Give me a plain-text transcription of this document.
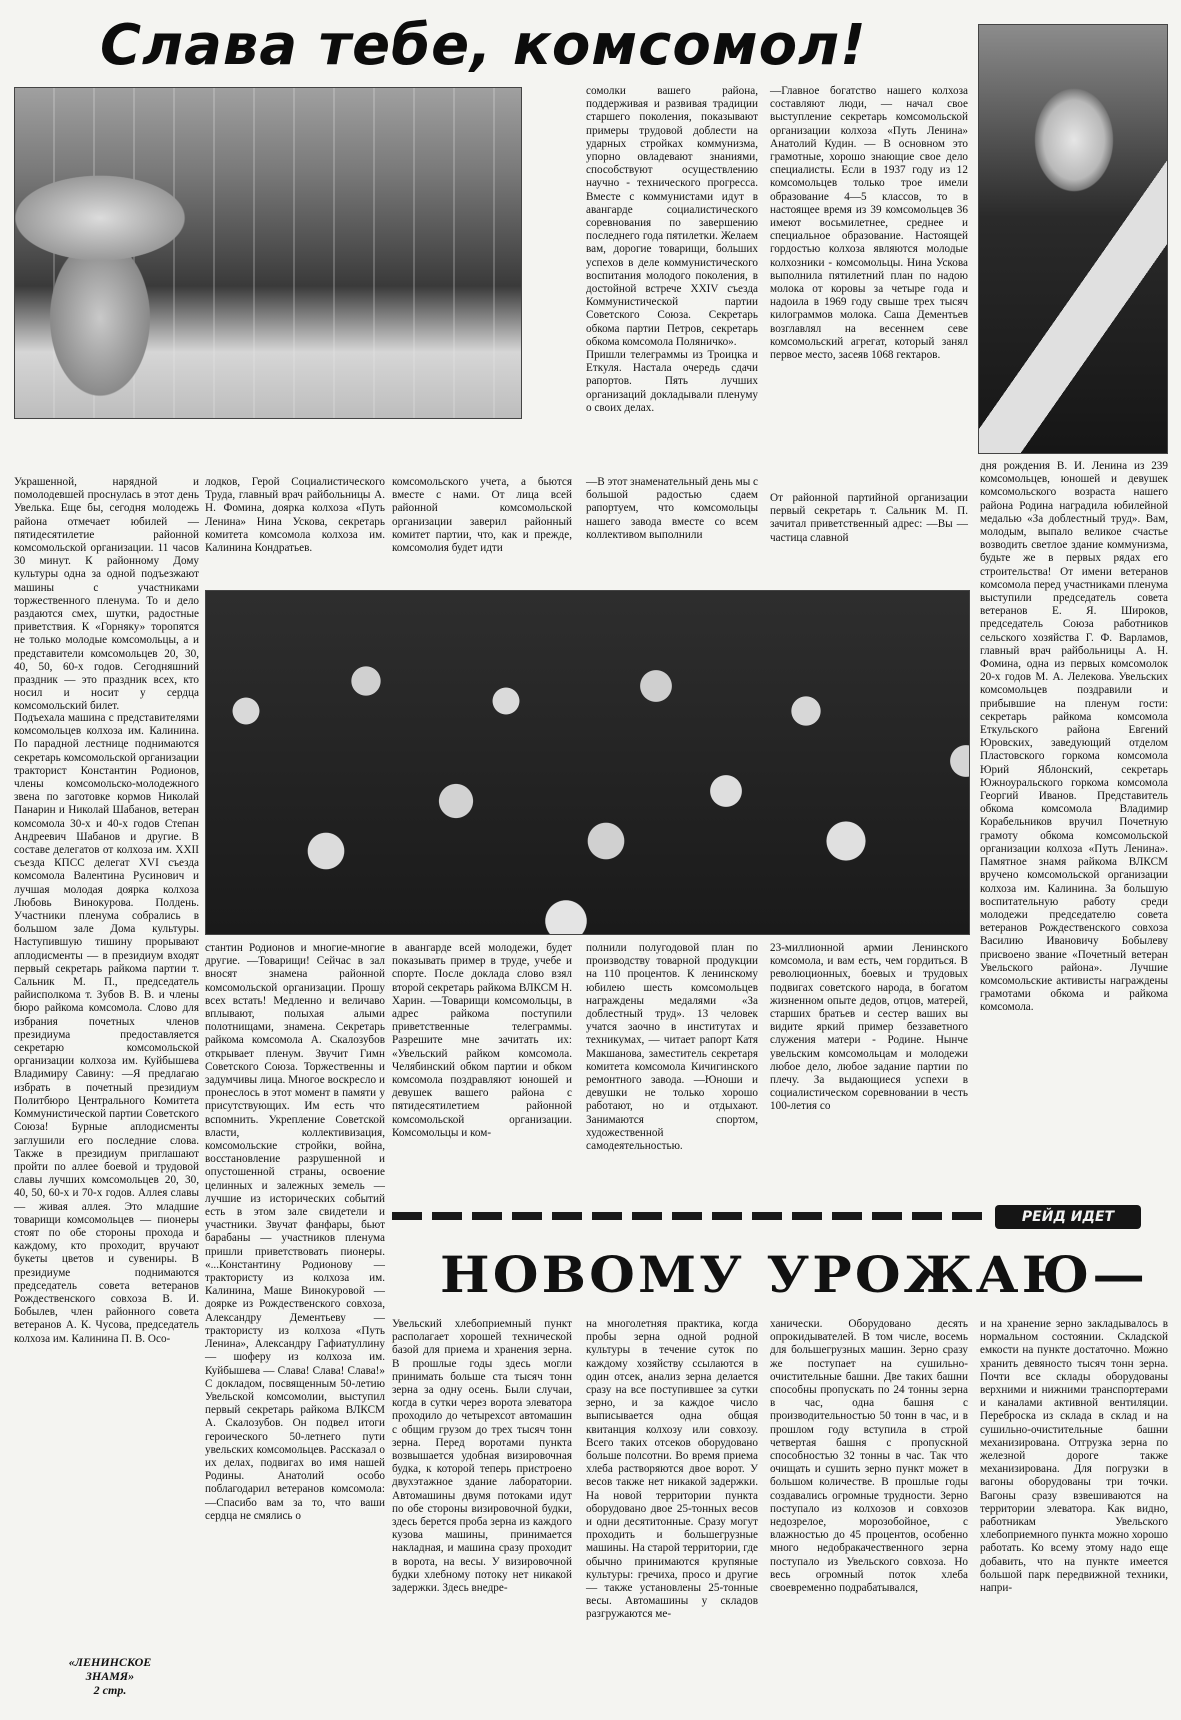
Слава тебе, комсомол!
сомолки вашего района, поддерживая и развивая традиции старшего поколения, показывают примеры трудовой доблести на ударных стройках коммунизма, упорно овладевают знаниями, способствуют осуществлению научно - технического прогресса. Вместе с коммунистами идут в авангарде социалистического соревнования по завершению последнего года пятилетки. Желаем вам, дорогие товарищи, больших успехов в деле коммунистического воспитания молодого поколения, в достойной встрече XXIV съезда Коммунистической партии Советского Союза. Секретарь обкома партии Петров, секретарь обкома комсомола Поляничко».
Пришли телеграммы из Троицка и Еткуля. Настала очередь сдачи рапортов. Пять лучших организаций докладывали пленуму о своих делах.
—Главное богатство нашего колхоза составляют люди, — начал свое выступление секретарь комсомольской организации колхоза «Путь Ленина» Анатолий Кудин. — В основном это грамотные, хорошо знающие свое дело специалисты. Если в 1937 году из 12 комсомольцев только трое имели образование 4—5 классов, то в настоящее время из 39 комсомольцев 36 имеют восьмилетнее, среднее и специальное образование. Настоящей гордостью колхоза являются молодые колхозники - комсомольцы. Нина Ускова выполнила пятилетний план по надою молока от коровы за четыре года и надоила в 1969 году свыше трех тысяч килограммов молока. Саша Дементьев возглавлял на весеннем севе комсомольский агрегат, который занял первое место, засеяв 1068 гектаров.
Украшенной, нарядной и помолодевшей проснулась в этот день Увелька. Еще бы, сегодня молодежь района отмечает юбилей — пятидесятилетие районной комсомольской организации. 11 часов 30 минут. К районному Дому культуры одна за одной подъезжают машины с участниками торжественного пленума. То и дело раздаются смех, шутки, радостные приветствия. К «Горняку» торопятся не только молодые комсомольцы, а и представители комсомольцев 20, 30, 40, 50, 60-х годов. Сегодняшний праздник — это праздник всех, кто носил и носит у сердца комсомольский билет.
лодков, Герой Социалистического Труда, главный врач райбольницы А. Н. Фомина, доярка колхоза «Путь Ленина» Нина Ускова, секретарь комитета комсомола колхоза им. Калинина Кондратьев.
комсомольского учета, а бьются вместе с нами. От лица всей районной комсомольской организации заверил районный комитет партии, что, как и прежде, комсомолия будет идти
—В этот знаменательный день мы с большой радостью сдаем рапортуем, что комсомольцы нашего завода вместе со всем коллективом выполнили
От районной партийной организации первый секретарь т. Сальник М. П. зачитал приветственный адрес: —Вы — частица славной
дня рождения В. И. Ленина из 239 комсомольцев, юношей и девушек комсомольского возраста нашего района Родина наградила юбилейной медалью «За доблестный труд». Вам, молодым, выпало великое счастье возводить светлое здание коммунизма, будьте же в первых рядах его строительства! От имени ветеранов комсомола перед участниками пленума выступили председатель совета ветеранов Е. Я. Широков, председатель Союза работников сельского хозяйства Г. Ф. Варламов, главный врач райбольницы А. Н. Фомина, одна из первых комсомолок 20-х годов М. А. Лелекова. Увельских комсомольцев поздравили и прибывшие на пленум гости: секретарь райкома комсомола Еткульского района Евгений Юровских, заведующий отделом Пластовского горкома комсомола Юрий Яблонский, секретарь Южноуральского горкома комсомола Георгий Иванов. Представитель обкома комсомола Владимир Корабельников вручил Почетную грамоту обкома комсомольской организации колхоза «Путь Ленина». Памятное знамя райкома ВЛКСМ вручено комсомольской организации колхоза им. Калинина. За большую воспитательную работу среди молодежи председателю совета ветеранов Рождественского совхоза Василию Ивановичу Бобылеву присвоено звание «Почетный ветеран Увельского района». Лучшие комсомольские активисты награждены грамотами обкома и райкома комсомола.
Подъехала машина с представителями комсомольцев колхоза им. Калинина. По парадной лестнице поднимаются секретарь комсомольской организации тракторист Константин Родионов, члены комсомольско-молодежного звена по заготовке кормов Николай Панарин и Николай Шабанов, ветеран комсомола 30-х и 40-х годов Степан Андреевич Шабанов и другие. В составе делегатов от колхоза им. XXII съезда КПСС делегат XVI съезда комсомола Валентина Русинович и лучшая молодая доярка колхоза Любовь Винокурова. Полдень. Участники пленума собрались в большом зале Дома культуры. Наступившую тишину прорывают аплодисменты — в президиум входят первый секретарь райкома партии т. Сальник М. П., председатель райисполкома т. Зубов В. В. и члены бюро райкома комсомола. Слово для избрания почетных членов президиума предоставляется секретарю комсомольской организации колхоза им. Куйбышева Владимиру Савину: —Я предлагаю избрать в почетный президиум Политбюро Центрального Комитета Коммунистической партии Советского Союза! Бурные аплодисменты заглушили его последние слова. Также в президиум приглашают пройти по аллее боевой и трудовой славы лучших комсомольцев 20, 30, 40, 50, 60-х и 70-х годов. Аллея славы — живая аллея. Это младшие товарищи комсомольцев — пионеры стоят по обе стороны прохода и каждому, кто проходит, вручают букеты цветов и сувениры. В президиуме поднимаются председатель совета ветеранов Рождественского совхоза В. И. Бобылев, член районного совета ветеранов А. К. Чусова, председатель колхоза им. Калинина П. В. Осо-
стантин Родионов и многие-многие другие. —Товарищи! Сейчас в зал вносят знамена районной комсомольской организации. Прошу всех встать! Медленно и величаво вплывают, полыхая алыми полотнищами, знамена. Секретарь райкома комсомола А. Скалозубов открывает пленум. Звучит Гимн Советского Союза. Торжественны и задумчивы лица. Многое воскресло и пронеслось в этот момент в памяти у присутствующих. Им есть что вспомнить. Укрепление Советской власти, коллективизация, комсомольские стройки, война, восстановление разрушенной и опустошенной страны, освоение целинных и залежных земель — лучшие из исторических событий есть в этом зале свидетели и участники. Звучат фанфары, бьют барабаны — участников пленума пришли приветствовать пионеры. «...Константину Родионову — трактористу из колхоза им. Калинина, Маше Винокуровой — доярке из Рождественского совхоза, Александру Дементьеву — трактористу из колхоза «Путь Ленина», Александру Гафиатуллину — шоферу из колхоза им. Куйбышева — Слава! Слава! Слава!» С докладом, посвященным 50-летию Увельской комсомолии, выступил первый секретарь райкома ВЛКСМ А. Скалозубов. Он подвел итоги героического 50-летнего пути увельских комсомольцев. Рассказал о их делах, подвигах во имя нашей Родины. Анатолий особо поблагодарил ветеранов комсомола: —Спасибо вам за то, что ваши сердца не смялись о
в авангарде всей молодежи, будет показывать пример в труде, учебе и спорте. После доклада слово взял второй секретарь райкома ВЛКСМ Н. Харин. —Товарищи комсомольцы, в адрес райкома поступили приветственные телеграммы. Разрешите мне зачитать их: «Увельский райком комсомола. Челябинский обком партии и обком комсомола поздравляют юношей и девушек вашего района с пятидесятилетием районной комсомольской организации. Комсомольцы и ком-
полнили полугодовой план по производству товарной продукции на 110 процентов. К ленинскому юбилею шесть комсомольцев награждены медалями «За доблестный труд». 13 человек учатся заочно в институтах и техникумах, — читает рапорт Катя Макшанова, заместитель секретаря комитета комсомола Кичигинского ремонтного завода. —Юноши и девушки не только хорошо работают, но и отдыхают. Занимаются спортом, художественной самодеятельностью.
23-миллионной армии Ленинского комсомола, и вам есть, чем гордиться. В революционных, боевых и трудовых подвигах советского народа, в богатом жизненном опыте дедов, отцов, матерей, старших братьев и сестер ваших вы видите яркий пример беззаветного служения матери - Родине. Нынче увельским комсомольцам и молодежи любое дело, любое задание партии по плечу. За выдающиеся успехи в социалистическом соревновании в честь 100-летия со
«ЛЕНИНСКОЕ
ЗНАМЯ»
2 стр.
РЕЙД ИДЕТ
НОВОМУ УРОЖАЮ—
Увельский хлебоприемный пункт располагает хорошей технической базой для приема и хранения зерна. В прошлые годы здесь могли принимать больше ста тысяч тонн зерна за одну осень. Были случаи, когда в сутки через ворота элеватора проходило до четырехсот автомашин с общим грузом до трех тысяч тонн зерна. Перед воротами пункта возвышается удобная визировочная будка, к которой теперь пристроено двухэтажное здание лаборатории. Автомашины двумя потоками идут по обе стороны визировочной будки, здесь берется проба зерна из каждого кузова машины, принимается накладная, и машина сразу проходит в ворота, на весы. У визировочной будки хлебному потоку нет никакой задержки. Здесь внедре-
на многолетняя практика, когда пробы зерна одной родной культуры в течение суток по каждому хозяйству ссылаются в один отсек, анализ зерна делается сразу на все поступившее за сутки зерно, и за каждое число выписывается одна общая квитанция колхозу или совхозу. Всего таких отсеков оборудовано больше полсотни. Во время приема хлеба растворяются двое ворот. У весов также нет никакой задержки. На новой территории пункта оборудовано двое 25-тонных весов и одни десятитонные. Сразу могут проходить и большегрузные машины. На старой территории, где обычно принимаются крупяные культуры: гречиха, просо и другие — также установлены 25-тонные весы. Автомашины у складов разгружаются ме-
ханически. Оборудовано десять опрокидывателей. В том числе, восемь для большегрузных машин. Зерно сразу же поступает на сушильно-очистительные башни. Две таких башни способны пропускать по 24 тонны зерна в час, одна башня с производительностью 50 тонн в час, и в прошлом году вступила в строй четвертая башня с пропускной способностью 32 тонны в час. Так что очищать и сушить зерно пункт может в большом количестве. В прошлые годы создавались огромные трудности. Зерно поступало из колхозов и совхозов недозрелое, морозобойное, с влажностью до 45 процентов, особенно много недобракачественного зерна поступало из Увельского совхоза. Но весь огромный поток хлеба своевременно подрабатывался,
и на хранение зерно закладывалось в нормальном состоянии. Складской емкости на пункте достаточно. Можно хранить девяносто тысяч тонн зерна. Почти все склады оборудованы верхними и нижними транспортерами и каналами активной вентиляции. Переброска из склада в склад и на сушильно-очистительные башни механизирована. Отгрузка зерна по железной дороге также механизирована. Для погрузки в вагоны оборудованы три точки. Вагоны сразу взвешиваются на территории элеватора. Как видно, работникам Увельского хлебоприемного пункта можно хорошо работать. Ко всему этому надо еще добавить, что на пункте имеется большой парк передвижной техники, напри-
